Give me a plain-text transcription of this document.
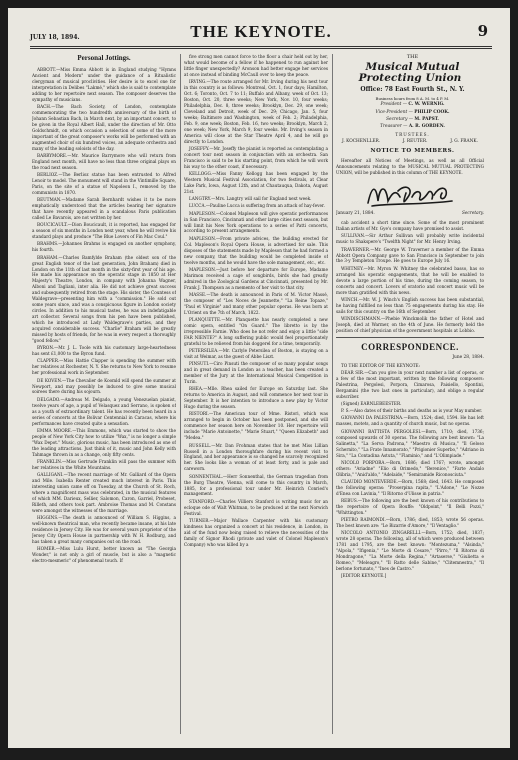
JULY 18, 1894.	THE KEYNOTE.	9
Personal Jottings.

ABBOTT.—Miss Emma Abbott is in England studying "Hymns Ancient and Modern" under the guidance of a Ritualistic clergyman of musical proclivities. Her desire is to excel one for interpretation in Delibes "Lakmé," which she is said to contemplate adding to her repertoire next season. The composer deserves the sympathy of musicians.

BACH.—The Bach Society, of London, contemplate commemorating the two hundredth anniversary of the birth of Johann Sebastian Bach, in March next, by an important concert, to be given in the Royal Albert Hall, under the direction of Mr. Otto Goldschmidt, on which occasion a selection of some of the more important of the great composer's works will be performed with an augmented choir of six hundred voices, an adequate orchestra and many of the leading soloists of the day.

BARRYMORE.—Mr. Maurice Barrymore who will return from England next month, will have no less than three original plays on the road next season.

BERLIOZ.—The Berlioz statue has been entrusted to Alfred Lenoir to model. The monument will stand in the Vintimille Square, Paris, on the site of a statue of Napoleon I., removed by the communists in 1870.

BEUTMAN.—Madame Sarah Bernhardt wishes it to be more emphatically understood that the articles bearing her signature that have recently appeared in a scandalous Paris publication called Le Bavarois, are not written by her.

BOUCICAULT.—Dion Boucicault, it is reported, has engaged for a season of six months in London next year, when he will revive his standard plays and produce "The Blue Lovers of Fin Mac Coul."

BRAHMS.—Johannes Brahms is engaged on another symphony, his fourth.

BRAHAM.—Charles Bamfylde Braham (the oldest son of the great English tenor of the last generation, John Braham) died in London on the 11th of last month in the sixty-first year of his age. He made his appearance on the operatic stage in 1850 at Her Majesty's Theatre, London, in company with Johanna Wagner, Alboni and Tagliani, inter alia. He did not achieve great success and subsequently retired from the stage. His sister, the Countess of Waldegrave—presenting him with a "commission." He sold out some years since, and was a conspicuous figure in London society circles. In addition to his musical tastes, he was an indefatigable art collector. Several songs from his pen have been published, which he introduced at Lady Waldegrave's parties, and they acquired considerable success. "Charlie" Braham will be greatly missed by hosts of friends, for he was in every respect a thoroughly "good fellow."

BYRON.—Mr. J. L. Toole with his customary large-heartedness has sent £1,000 to the Byron fund.

CLAPPER.—Miss Hattie Clapper is spending the summer with her relatives at Rochester, N. Y. She returns to New York to resume her professional work in September.

DE KOVEN.—The Chevalier de Koomld will spend the summer at Newport, and may possibly be induced to give some musical soirees there during his sojourn.

DELGADO.—Andreas M. Delgado, a young Venezuelan pianist, twelve years of age, a pupil of Velasquez and Serrano, is spoken of as a youth of extraordinary talent. He has recently been heard in a series of concerts at the Bolivar Centennial in Caracas, where his performances have created quite a sensation.

EMMA MOORE.—This Emmons, which was started to show the people of New York City how to utilize "Wax," is no longer a simple "Wax Depot." Music, glorious music, has been introduced as one of the leading attractions. Just think of it, music and John Kelly with Tahmage thrown in as a change, only fifty cents.

FRANKLIN.—Miss Gertrude Franklin will pass the summer with her relatives in the White Mountains.

GALLIGANI.—The recent marriage of Mr. Galliard of the Opera and Mile. Isabella Renter created much interest in Paris. This interesting union came off on Tuesday, at the Church of St. Roch, where a magnificent mass was celebrated, in the musical features of which MM. Darieux, Sellier, Salomon, Caron, Garriel, Probeset, Rilleth, and others took part. Ambroise Thomas and M. Constans were amongst the witnesses of the marriage.

HIGGINS.—The death is announced of William S. Higgins, a well-known theatrical man, who recently became insane, at his late residence in Jersey City. He was for several years proprietor of the Jersey City Opera House in partnership with W. H. Rodburg, and has taken a great many companies out on the road.

HOMER.—Miss Lulu Hurst, better known as "The Georgia Wonder," is not only a girl of muscle, but is also a "magnetic electro-mesmeric" of phenomenal touch. If

five strong men cannot force to the floor a chair held out by her, what would become of a fellow if he happened to run against her little finger unexpectedly? Aronson had better engage her services at once instead of binding McCaull over to keep the peace.

IRVING.—The route arranged for Mr. Irving during his next tour in this country is as follows: Montreal, Oct. 1, four days; Hamilton, Oct. 6; Toronto, Oct. 7 to 11; Buffalo and Albany, week of Oct. 13; Boston, Oct. 20, three weeks; New York, Nov. 10, four weeks; Philadelphia, Dec. 8, three weeks; Brooklyn, Dec. 29, one week; Cleveland and Detroit, week of Dec. 29; Chicago, Jan. 5, four weeks; Baltimore and Washington, week of Feb. 2; Philadelphia, Feb. 9, one week; Boston, Feb. 16, two weeks; Brooklyn, March 2, one week; New York, March 9, four weeks. Mr. Irving's season in America will close at the Star Theatre April 4, and he will go directly to London.

JOSEFFY.—Mr. Joseffy the pianist is reported as contemplating a concert tour next season in conjunction with an orchestra. San Francisco is said to be his starting point, from which he will work his way to the other coast, if necessary.

KELLOGG.—Miss Fanny Kellogg has been engaged by the Western Musical Festival Association, for two festivals, at Clear Lake Park, Iowa, August 12th, and at Chautauqua, Dakota, August 21st.

LANGTRY.—Mrs. Langtry will sail for England next week.

LUCCA.—Pauline Lucca is suffering from an attack of hay-fever.

MAPLESON.—Colonel Mapleson will give operatic performances in San Francisco, Cincinnati and other large cities next season, but will limit his New York operations to a series of Patti concerts, according to present arrangements.

MAPLESON.—From private advices, the building erected for Col. Mapleson's Royal Opera House, is advertised for sale. This disposes of the statements made by Mapleson that he had formed a new company, that the building would be completed inside of twelve months, and he would have the sole management, etc., etc.

MAPLESON.—Just before her departure for Europe, Madame Marimon received a cage of songbirds, birds she had greatly admired in the Zoological Gardens at Cincinnati, presented by Mr. Frank J. Thompson as a memento of her visit to that city.

MASSE.—The death is announced in Paris of M. Victor Massé, the composer of "Les Noces de Jeannette," "La Reine Topaze," "Paul et Virginie" and many other popular operas. He was born at L'Orient on the 7th of March, 1822.

PLANQUETTE.—Mr. Planquette has nearly completed a new comic opera, entitled "On Guard." The libretto is by the irrepressible Farnie. Who does he not refer and enjoy a little "side FAR NIENTE?" A long suffering public would feel proportionately grateful to be relieved from his doggerel for a time, temporarily.

PETERSILEA.—Mr. Carlyle Petersilea of Boston, is staying on a visit at Weimar, as the guest of Abbe Liszt.

PINSUTI.—Ciro Pinsuti the composer of so many popular songs and in great demand in London as a teacher, has been created a member of the Jury at the International Musical Competition in Turin.

RHEA.—Mlle. Rhea sailed for Europe on Saturday last. She returns to America in August, and will commence her next tour in September. It is her intention to introduce a new play by Victor Hugo during the season.

RISTORI.—The American tour of Mme. Ristori, which was arranged to begin in October has been postponed, and she will commence her season here on November 10. Her repertoire will include "Marie Antoinette," "Marie Stuart," "Queen Elizabeth" and "Medea."

RUSSELL.—Mr. Dan Frohman states that he met Miss Lillian Russell in a London thoroughfare during his recent visit to England, and her appearance is so changed he scarcely recognized her. She looks like a woman of at least forty, and is pale and careworn.

SONNENTHAL.—Herr Sonnenthal, the German tragedian from the Burg Theatre, Vienna, will come to this country in March, 1885, for a professional tour under Mr. Heinrich Conried's management.

STANFORD.—Charles Villiers Stanford is writing music for an ecloque ode of Walt Whitman, to be produced at the next Norwich Festival.

TURNER.—Major Wallace Carpenter with his customary kindness has organized a concert at his residence, in London, in aid of the fund now being raised to relieve the necessities of the family of Signor Rhodi (private and valet of Colonel Mapleson's Company) who was killed by a

THE

Musical Mutual Protecting Union

Office: 78 East Fourth St., N. Y.

Business hours from 8 A. M. to 4 P. M.

President — C. W. WERNIG.

Vice-President — PHILIP COOK.

Secretary — M. PAPST.

Treasurer — A. R. GORDEN.

TRUSTEES.

J. KOCHENLLER.	J. REUTER.	J. G. FRANK.

NOTICE TO MEMBERS.

Hereafter all Notices of Meetings, as well as all Official Announcements relating to the MUSICAL MUTUAL PROTECTING UNION, will be published in this column of THE KEYNOTE.

January 21, 1884.	Secretary.

cab accident a short time since. Some of the most prominent Italian artists of Mr. Gye's company have promised to assist.

SULLIVAN.—Sir Arthur Sullivan will probably write incidental music to Shakspere's "Twelfth Night" for Mr. Henry Irving.

TRAVERNER.—Mr. George W. Traverner a member of the Emma Abbott Opera Company gave to San Francisco in September to join the 3-y Templeton Troupe. He goes to Europe July 16.

WHITNEY.—Mr. Myron W. Whitney the celebrated basso, has so arranged his operatic engagements, that he will be enabled to devote a large portion of his time, during the coming season, to concerts and concert. Lovers of oratorio and concert music will be more than gratified with this news.

WINCH.—Mr. W. J. Winch's English success has been substantial, he having fulfilled no less than 75 engagements during his stay. He sails for this country on the 16th of September.

WINDISCHMANN.—Phebie Winckmolik the father of Hotel and Joseph, died at Warmer, on the 4th of June. He formerly held the position of chief physician of the government hospitals at Lobbio.

CORRESPONDENCE.
June 28, 1884.

TO THE EDITOR OF THE KEYNOTE:

DEAR SIR.—Can you give in your next number a list of operas, or a few of the most important, written by the following composers: Palestrina, Pergolesi, Porpora, Cimarosa, Paisiello, Spontini, Bergamini (the two last ones in particular), and oblige a regular subscriber.

(Signed) EARNLEBEESTER.

P. S.—Also dates of their births and deaths as is your May number.

GIOVANNI DA PALESTRINA.—Born, 1524; died, 1594. He has left masses, motets, and a quantity of church music, but no operas.

GIOVANNI BATTISTA PERGOLESI.—Born, 1710; died, 1736; composed upwards of 30 operas. The following are best known: "La Salinetta," "La Serva Padrona," "Maestro di Musica," "Il Geloso Schernito," "La Frate Innamorato," "Prigionier Superbo," "Adriano in Sira," "La Contadina Astuta," "Flaminio," and "L'Olimpiade."

NICOLO PORPORA.—Born, 1686; died 1767; wrote, amongst others: "Ariadne" "Elio di Orimedo," "Berenice," "Farte Andalo Olibria," "Anid'aldo," "Adelaide," "Semiramide Riconosciuta."

CLAUDIO MONTEVERDE.—Born, 1568; died, 1643. He composed the following operas: "Proserpina rapita," "L'Adone," "Le Nozze d'Enea con Lavinia," "Il Ritorno d'Ulisse in patria."

REBUS.—The following are the best known of his contributions to the repertoire of Opera Bouffe: "Oldpoint," "Il Belli Pozzi," "Whittington."

PIETRO RAIMONDI.—Born, 1786; died, 1853; wrote 56 operas. The best known are: "Le Bizarrie d'Amore," "Il Ventaglio."

NICCOLO ANTONIO ZINGARELLI.—Born, 1752; died, 1837; wrote 28 operas. The following, all of which were produced between 1781 and 1795, are the best known: "Montezuma," "Alsinda," "Alpola," "Ifigenia," "Le Morte di Cesare," "Pirro," "Il Ritorno di Mondragone," "La Morte della Regina," "Artaserse," "Giulietta e Romeo," "Meleagro," "Il Ratto delle Sabine," "Clitemnestra," "Il berlone fortunato," "Ines de Castro."

[EDITOR KEYNOTE.]
